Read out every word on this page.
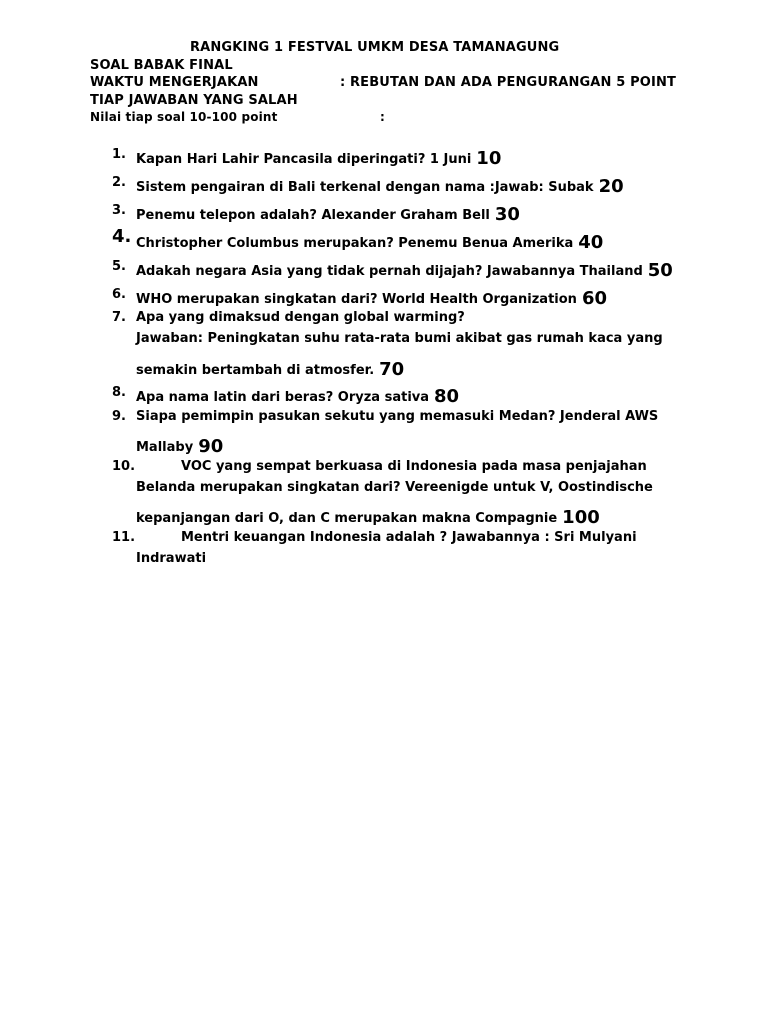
RANGKING 1 FESTVAL UMKM DESA TAMANAGUNG
SOAL BABAK FINAL
WAKTU MENGERJAKAN	: REBUTAN DAN ADA PENGURANGAN 5 POINT
TIAP JAWABAN YANG SALAH
Nilai tiap soal 10-100 point	:
1. Kapan Hari Lahir Pancasila diperingati? 1 Juni 10
2. Sistem pengairan di Bali terkenal dengan nama :Jawab: Subak 20
3. Penemu telepon adalah? Alexander Graham Bell 30
4. Christopher Columbus merupakan? Penemu Benua Amerika 40
5. Adakah negara Asia yang tidak pernah dijajah? Jawabannya Thailand 50
6. WHO merupakan singkatan dari? World Health Organization 60
7. Apa yang dimaksud dengan global warming?
Jawaban: Peningkatan suhu rata-rata bumi akibat gas rumah kaca yang
semakin bertambah di atmosfer. 70
8. Apa nama latin dari beras? Oryza sativa 80
9. Siapa pemimpin pasukan sekutu yang memasuki Medan? Jenderal AWS
Mallaby 90
10.	VOC yang sempat berkuasa di Indonesia pada masa penjajahan
Belanda merupakan singkatan dari? Vereenigde untuk V, Oostindische
kepanjangan dari O, dan C merupakan makna Compagnie 100
11.	Mentri keuangan Indonesia adalah ? Jawabannya : Sri Mulyani
Indrawati
